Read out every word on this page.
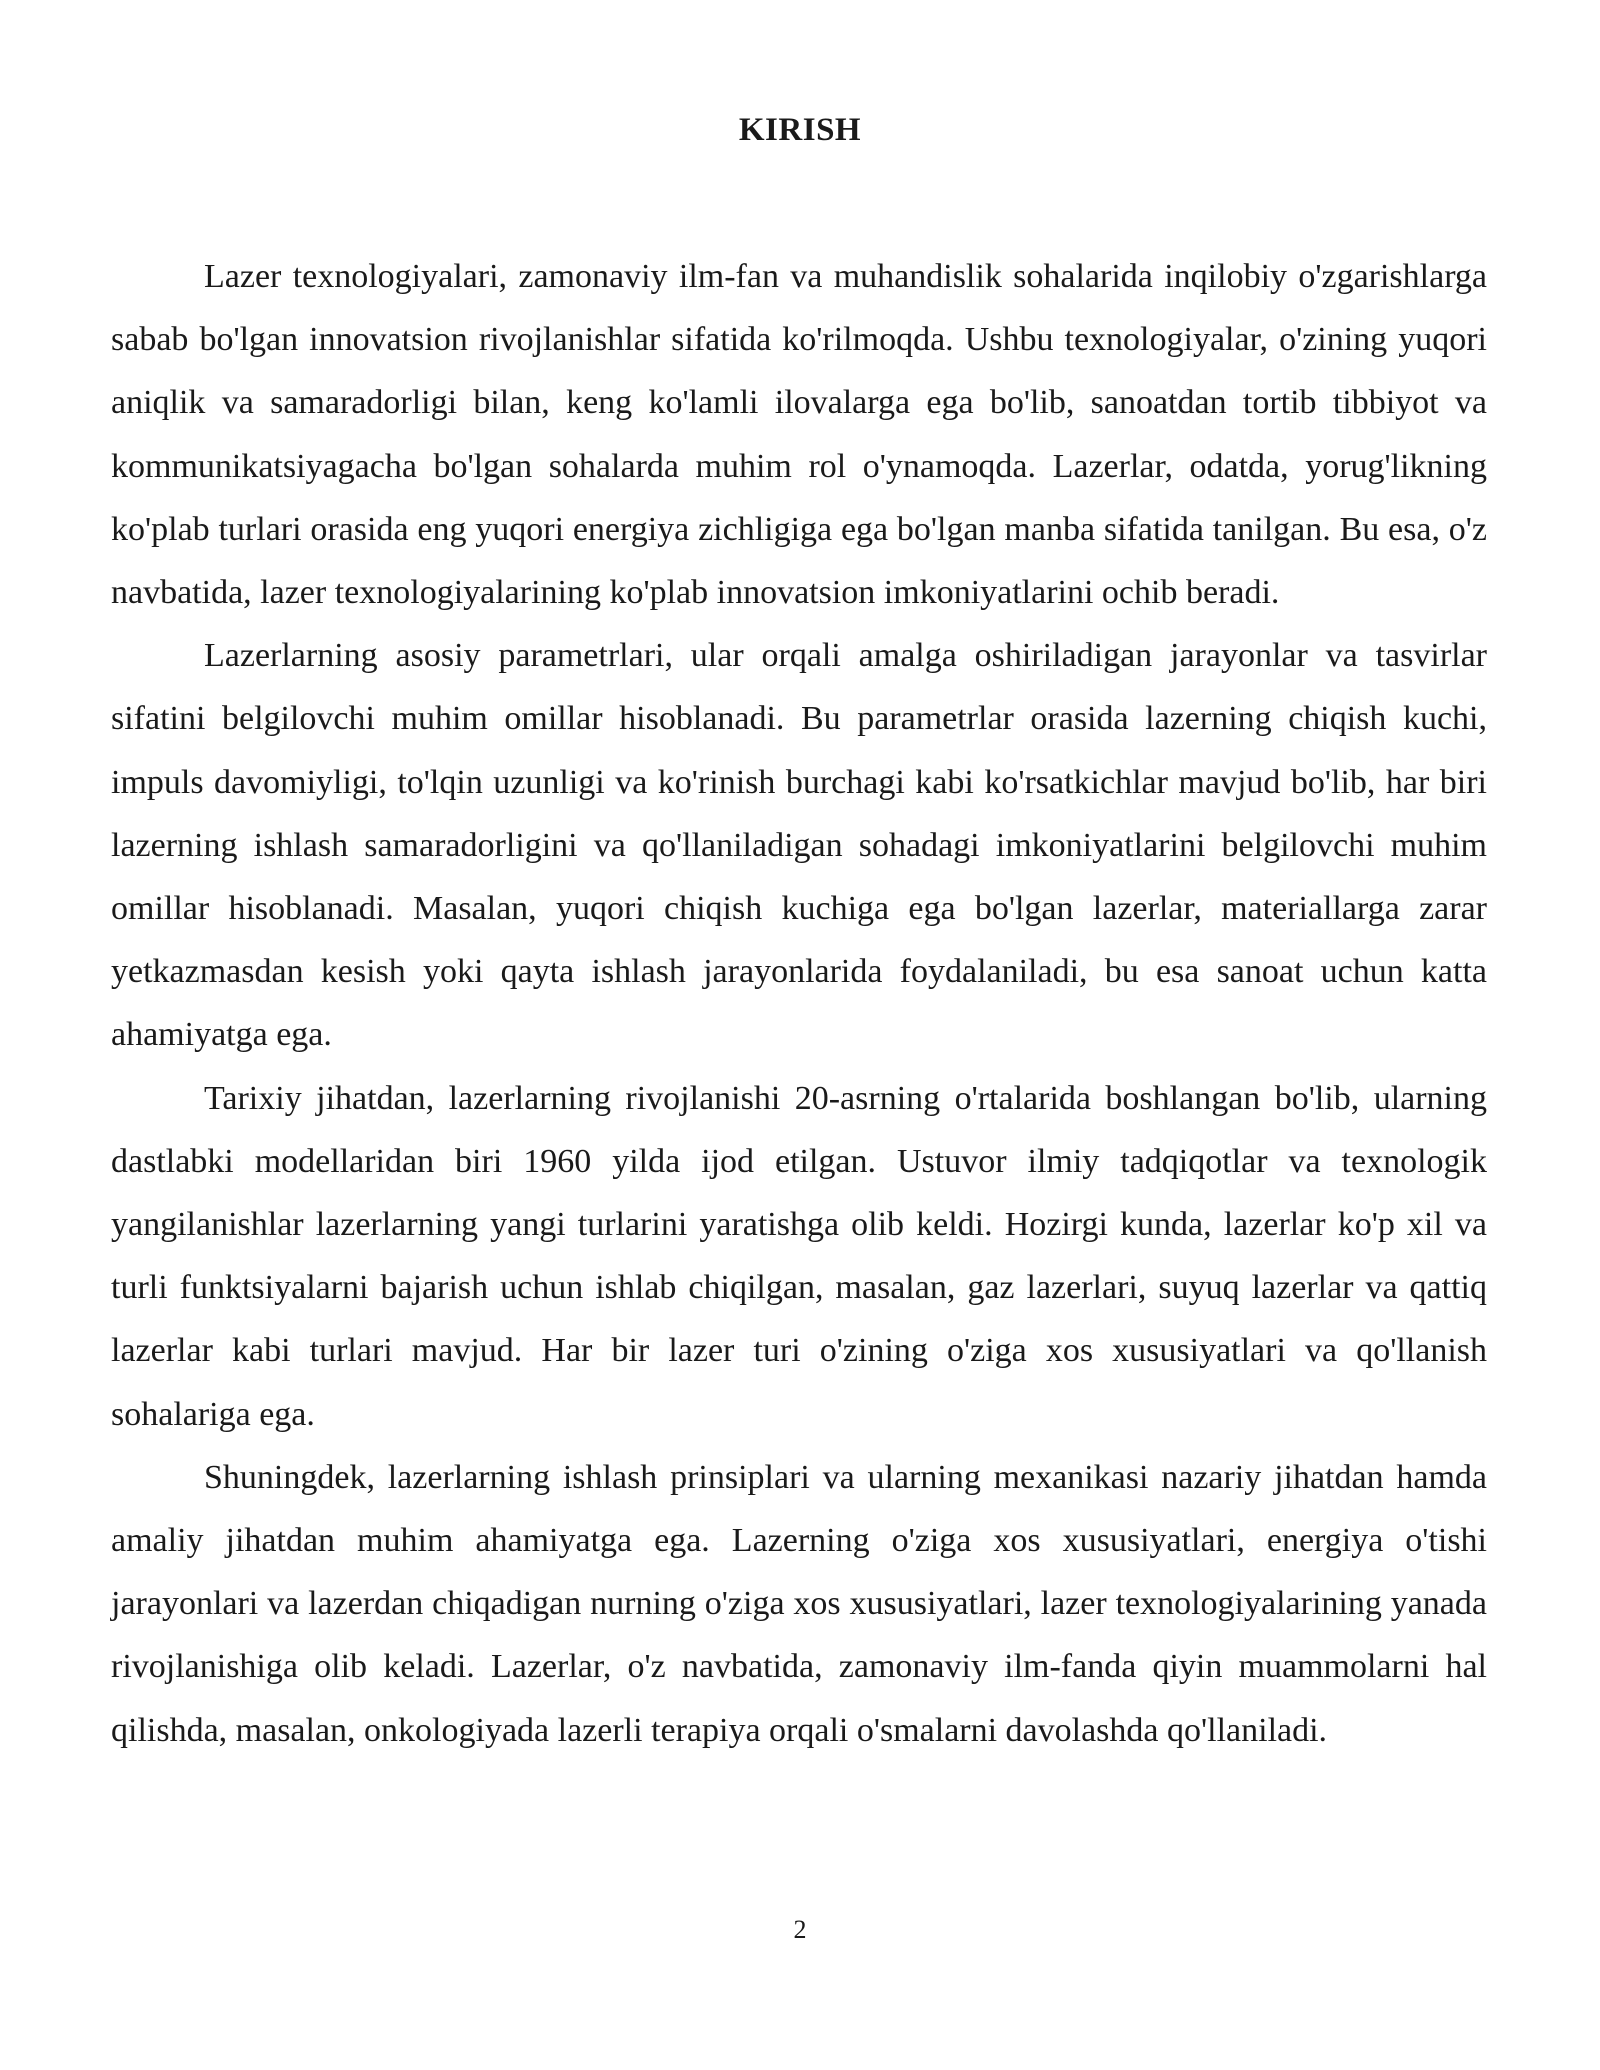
KIRISH

Lazer texnologiyalari, zamonaviy ilm-fan va muhandislik sohalarida inqilobiy o'zgarishlarga sabab bo'lgan innovatsion rivojlanishlar sifatida ko'rilmoqda. Ushbu texnologiyalar, o'zining yuqori aniqlik va samaradorligi bilan, keng ko'lamli ilovalarga ega bo'lib, sanoatdan tortib tibbiyot va kommunikatsiyagacha bo'lgan sohalarda muhim rol o'ynamoqda. Lazerlar, odatda, yorug'likning ko'plab turlari orasida eng yuqori energiya zichligiga ega bo'lgan manba sifatida tanilgan. Bu esa, o'z navbatida, lazer texnologiyalarining ko'plab innovatsion imkoniyatlarini ochib beradi.

Lazerlarning asosiy parametrlari, ular orqali amalga oshiriladigan jarayonlar va tasvirlar sifatini belgilovchi muhim omillar hisoblanadi. Bu parametrlar orasida lazerning chiqish kuchi, impuls davomiyligi, to'lqin uzunligi va ko'rinish burchagi kabi ko'rsatkichlar mavjud bo'lib, har biri lazerning ishlash samaradorligini va qo'llaniladigan sohadagi imkoniyatlarini belgilovchi muhim omillar hisoblanadi. Masalan, yuqori chiqish kuchiga ega bo'lgan lazerlar, materiallarga zarar yetkazmasdan kesish yoki qayta ishlash jarayonlarida foydalaniladi, bu esa sanoat uchun katta ahamiyatga ega.

Tarixiy jihatdan, lazerlarning rivojlanishi 20-asrning o'rtalarida boshlangan bo'lib, ularning dastlabki modellaridan biri 1960 yilda ijod etilgan. Ustuvor ilmiy tadqiqotlar va texnologik yangilanishlar lazerlarning yangi turlarini yaratishga olib keldi. Hozirgi kunda, lazerlar ko'p xil va turli funktsiyalarni bajarish uchun ishlab chiqilgan, masalan, gaz lazerlari, suyuq lazerlar va qattiq lazerlar kabi turlari mavjud. Har bir lazer turi o'zining o'ziga xos xususiyatlari va qo'llanish sohalariga ega.

Shuningdek, lazerlarning ishlash prinsiplari va ularning mexanikasi nazariy jihatdan hamda amaliy jihatdan muhim ahamiyatga ega. Lazerning o'ziga xos xususiyatlari, energiya o'tishi jarayonlari va lazerdan chiqadigan nurning o'ziga xos xususiyatlari, lazer texnologiyalarining yanada rivojlanishiga olib keladi. Lazerlar, o'z navbatida, zamonaviy ilm-fanda qiyin muammolarni hal qilishda, masalan, onkologiyada lazerli terapiya orqali o'smalarni davolashda qo'llaniladi.

2
